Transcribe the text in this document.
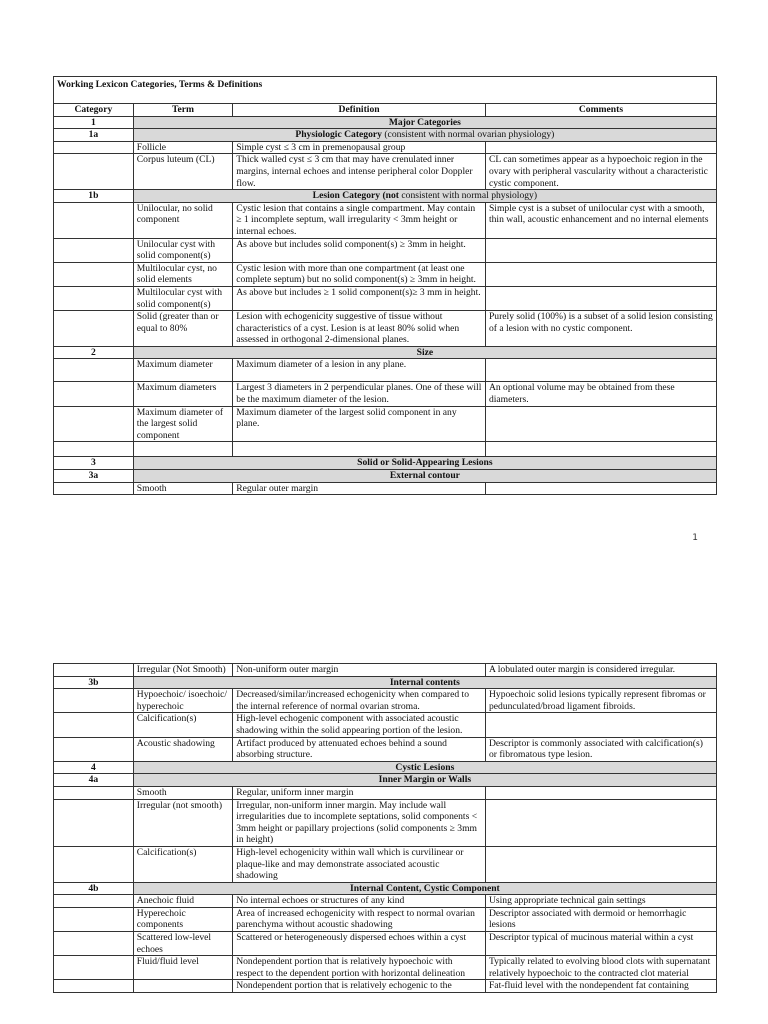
Working Lexicon Categories, Terms & Definitions			
Category	Term	Definition	Comments
1	Major Categories		
1a	Physiologic Category (consistent with normal ovarian physiology)		
	Follicle	Simple cyst ≤ 3 cm in premenopausal group	
	Corpus luteum (CL)	Thick walled cyst ≤ 3 cm that may have crenulated inner margins, internal echoes and intense peripheral color Doppler flow.	CL can sometimes appear as a hypoechoic region in the ovary with peripheral vascularity without a characteristic cystic component.
1b	Lesion Category (not consistent with normal physiology)		
	Unilocular, no solid component	Cystic lesion that contains a single compartment. May contain ≥ 1 incomplete septum, wall irregularity < 3mm height or internal echoes.	Simple cyst is a subset of unilocular cyst with a smooth, thin wall, acoustic enhancement and no internal elements
	Unilocular cyst with solid component(s)	As above but includes solid component(s) ≥ 3mm in height.	
	Multilocular cyst, no solid elements	Cystic lesion with more than one compartment (at least one complete septum) but no solid component(s) ≥ 3mm in height.	
	Multilocular cyst with solid component(s)	As above but includes ≥ 1 solid component(s)≥ 3 mm in height.	
	Solid (greater than or equal to 80%	Lesion with echogenicity suggestive of tissue without characteristics of a cyst. Lesion is at least 80% solid when assessed in orthogonal 2-dimensional planes.	Purely solid (100%) is a subset of a solid lesion consisting of a lesion with no cystic component.
2	Size		
	Maximum diameter	Maximum diameter of a lesion in any plane.	
	Maximum diameters	Largest 3 diameters in 2 perpendicular planes. One of these will be the maximum diameter of the lesion.	An optional volume may be obtained from these diameters.
	Maximum diameter of the largest solid component	Maximum diameter of the largest solid component in any plane.	

3	Solid or Solid-Appearing Lesions		
3a	External contour		
	Smooth	Regular outer margin	
1
	Irregular (Not Smooth)	Non-uniform outer margin	A lobulated outer margin is considered irregular.
3b	Internal contents		
	Hypoechoic/ isoechoic/ hyperechoic	Decreased/similar/increased echogenicity when compared to the internal reference of normal ovarian stroma.	Hypoechoic solid lesions typically represent fibromas or pedunculated/broad ligament fibroids.
	Calcification(s)	High-level echogenic component with associated acoustic shadowing within the solid appearing portion of the lesion.	
	Acoustic shadowing	Artifact produced by attenuated echoes behind a sound absorbing structure.	Descriptor is commonly associated with calcification(s) or fibromatous type lesion.
4	Cystic Lesions		
4a	Inner Margin or Walls		
	Smooth	Regular, uniform inner margin	
	Irregular (not smooth)	Irregular, non-uniform inner margin. May include wall irregularities due to incomplete septations, solid components < 3mm height or papillary projections (solid components ≥ 3mm in height)	
	Calcification(s)	High-level echogenicity within wall which is curvilinear or plaque-like and may demonstrate associated acoustic shadowing	
4b	Internal Content, Cystic Component		
	Anechoic fluid	No internal echoes or structures of any kind	Using appropriate technical gain settings
	Hyperechoic components	Area of increased echogenicity with respect to normal ovarian parenchyma without acoustic shadowing	Descriptor associated with dermoid or hemorrhagic lesions
	Scattered low-level echoes	Scattered or heterogeneously dispersed echoes within a cyst	Descriptor typical of mucinous material within a cyst
	Fluid/fluid level	Nondependent portion that is relatively hypoechoic with respect to the dependent portion with horizontal delineation	Typically related to evolving blood clots with supernatant relatively hypoechoic to the contracted clot material
		Nondependent portion that is relatively echogenic to the	Fat-fluid level with the nondependent fat containing
